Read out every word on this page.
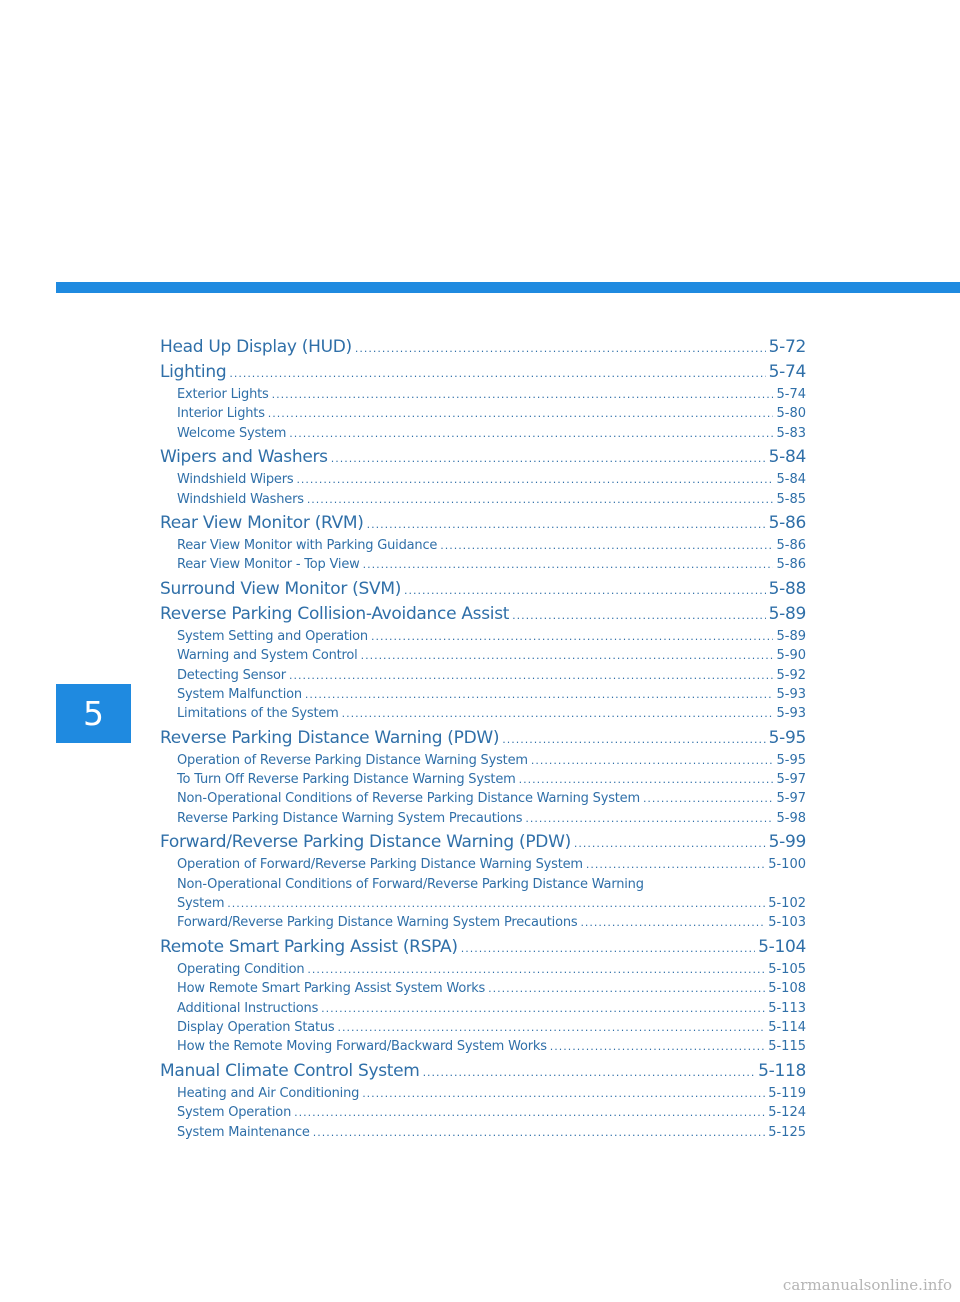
5
Head Up Display (HUD) .....	5-72
Lighting .....	5-74
Exterior Lights .....	5-74
Interior Lights .....	5-80
Welcome System .....	5-83
Wipers and Washers .....	5-84
Windshield Wipers .....	5-84
Windshield Washers .....	5-85
Rear View Monitor (RVM) .....	5-86
Rear View Monitor with Parking Guidance .....	5-86
Rear View Monitor - Top View .....	5-86
Surround View Monitor (SVM) .....	5-88
Reverse Parking Collision-Avoidance Assist .....	5-89
System Setting and Operation .....	5-89
Warning and System Control .....	5-90
Detecting Sensor .....	5-92
System Malfunction .....	5-93
Limitations of the System .....	5-93
Reverse Parking Distance Warning (PDW) .....	5-95
Operation of Reverse Parking Distance Warning System .....	5-95
To Turn Off Reverse Parking Distance Warning System .....	5-97
Non-Operational Conditions of Reverse Parking Distance Warning System .....	5-97
Reverse Parking Distance Warning System Precautions .....	5-98
Forward/Reverse Parking Distance Warning (PDW) .....	5-99
Operation of Forward/Reverse Parking Distance Warning System .....	5-100
Non-Operational Conditions of Forward/Reverse Parking Distance Warning
System .....	5-102
Forward/Reverse Parking Distance Warning System Precautions .....	5-103
Remote Smart Parking Assist (RSPA) .....	5-104
Operating Condition .....	5-105
How Remote Smart Parking Assist System Works .....	5-108
Additional Instructions .....	5-113
Display Operation Status .....	5-114
How the Remote Moving Forward/Backward System Works .....	5-115
Manual Climate Control System .....	5-118
Heating and Air Conditioning .....	5-119
System Operation .....	5-124
System Maintenance .....	5-125
carmanualsonline.info
